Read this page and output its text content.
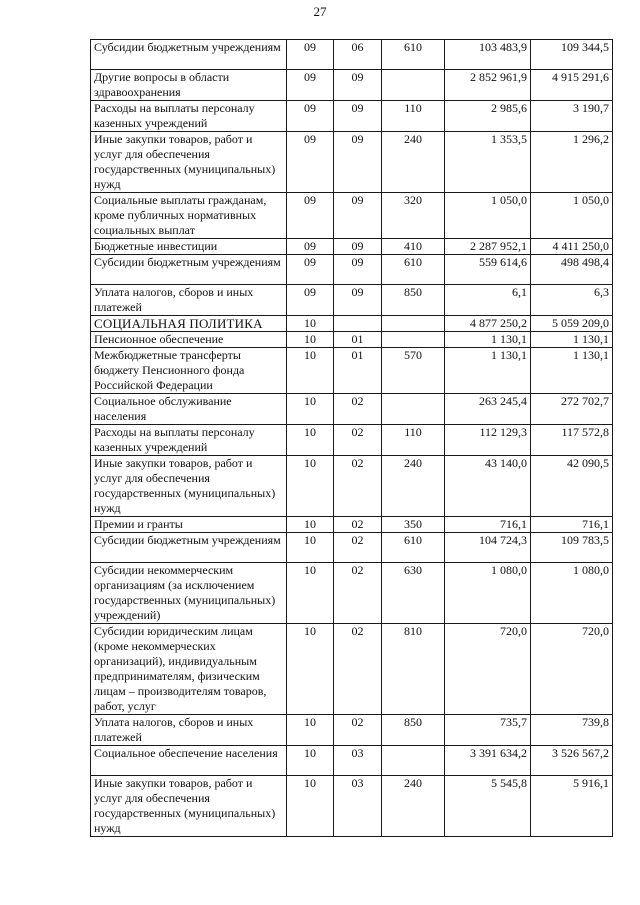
27
Субсидии бюджетным учреждениям	09	06	610	103 483,9	109 344,5
Другие вопросы в области здравоохранения	09	09		2 852 961,9	4 915 291,6
Расходы на выплаты персоналу казенных учреждений	09	09	110	2 985,6	3 190,7
Иные закупки товаров, работ и услуг для обеспечения государственных (муниципальных) нужд	09	09	240	1 353,5	1 296,2
Социальные выплаты гражданам, кроме публичных нормативных социальных выплат	09	09	320	1 050,0	1 050,0
Бюджетные инвестиции	09	09	410	2 287 952,1	4 411 250,0
Субсидии бюджетным учреждениям	09	09	610	559 614,6	498 498,4
Уплата налогов, сборов и иных платежей	09	09	850	6,1	6,3
СОЦИАЛЬНАЯ ПОЛИТИКА	10			4 877 250,2	5 059 209,0
Пенсионное обеспечение	10	01		1 130,1	1 130,1
Межбюджетные трансферты бюджету Пенсионного фонда Российской Федерации	10	01	570	1 130,1	1 130,1
Социальное обслуживание населения	10	02		263 245,4	272 702,7
Расходы на выплаты персоналу казенных учреждений	10	02	110	112 129,3	117 572,8
Иные закупки товаров, работ и услуг для обеспечения государственных (муниципальных) нужд	10	02	240	43 140,0	42 090,5
Премии и гранты	10	02	350	716,1	716,1
Субсидии бюджетным учреждениям	10	02	610	104 724,3	109 783,5
Субсидии некоммерческим организациям (за исключением государственных (муниципальных) учреждений)	10	02	630	1 080,0	1 080,0
Субсидии юридическим лицам (кроме некоммерческих организаций), индивидуальным предпринимателям, физическим лицам – производителям товаров, работ, услуг	10	02	810	720,0	720,0
Уплата налогов, сборов и иных платежей	10	02	850	735,7	739,8
Социальное обеспечение населения	10	03		3 391 634,2	3 526 567,2
Иные закупки товаров, работ и услуг для обеспечения государственных (муниципальных) нужд	10	03	240	5 545,8	5 916,1
